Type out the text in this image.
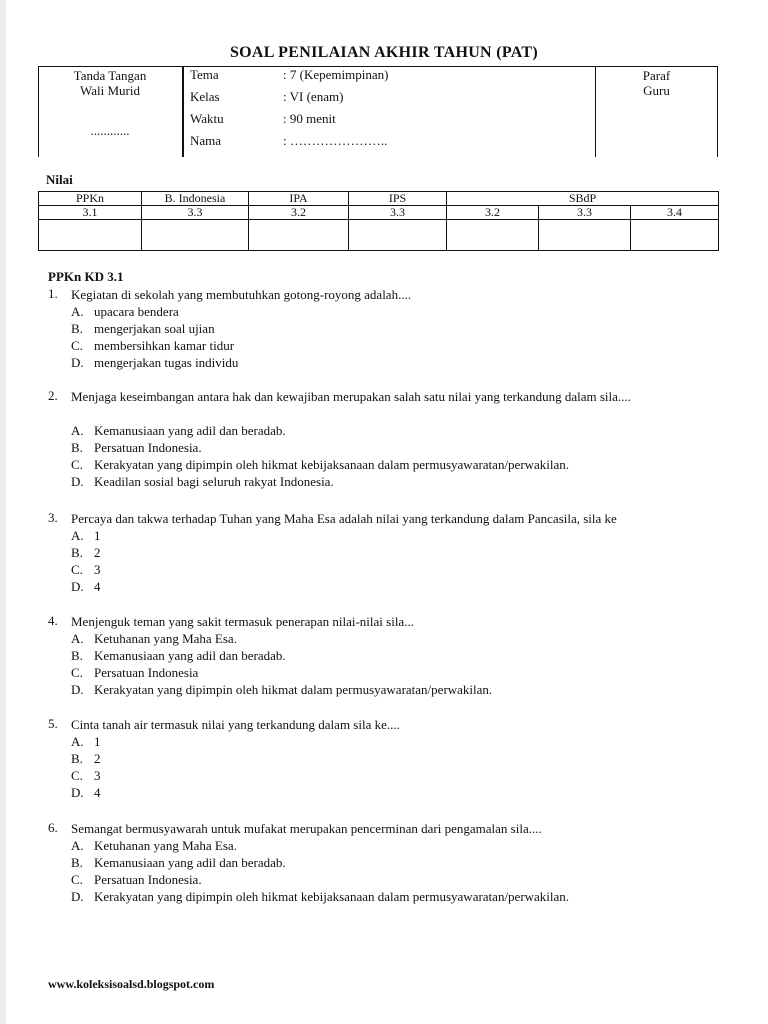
SOAL PENILAIAN AKHIR TAHUN (PAT)
Tanda Tangan
Wali Murid
............
Paraf
Guru
Tema	: 7 (Kepemimpinan)
Kelas	: VI (enam)
Waktu	: 90 menit
Nama	: …………………..
Nilai
PPKn	B. Indonesia	IPA	IPS	SBdP		
3.1	3.3	3.2	3.3	3.2	3.3	3.4

PPKn KD 3.1
1. Kegiatan di sekolah yang membutuhkan gotong-royong adalah....
A. upacara bendera
B. mengerjakan soal ujian
C. membersihkan kamar tidur
D. mengerjakan tugas individu
2. Menjaga keseimbangan antara hak dan kewajiban merupakan salah satu nilai yang terkandung dalam sila....
A. Kemanusiaan yang adil dan beradab.
B. Persatuan Indonesia.
C. Kerakyatan yang dipimpin oleh hikmat kebijaksanaan dalam permusyawaratan/perwakilan.
D. Keadilan sosial bagi seluruh rakyat Indonesia.
3. Percaya dan takwa terhadap Tuhan yang Maha Esa adalah nilai yang terkandung dalam Pancasila, sila ke
A. 1
B. 2
C. 3
D. 4
4. Menjenguk teman yang sakit termasuk penerapan nilai-nilai sila...
A. Ketuhanan yang Maha Esa.
B. Kemanusiaan yang adil dan beradab.
C. Persatuan Indonesia
D. Kerakyatan yang dipimpin oleh hikmat dalam permusyawaratan/perwakilan.
5. Cinta tanah air termasuk nilai yang terkandung dalam sila ke....
A. 1
B. 2
C. 3
D. 4
6. Semangat bermusyawarah untuk mufakat merupakan pencerminan dari pengamalan sila....
A. Ketuhanan yang Maha Esa.
B. Kemanusiaan yang adil dan beradab.
C. Persatuan Indonesia.
D. Kerakyatan yang dipimpin oleh hikmat kebijaksanaan dalam permusyawaratan/perwakilan.
www.koleksisoalsd.blogspot.com
